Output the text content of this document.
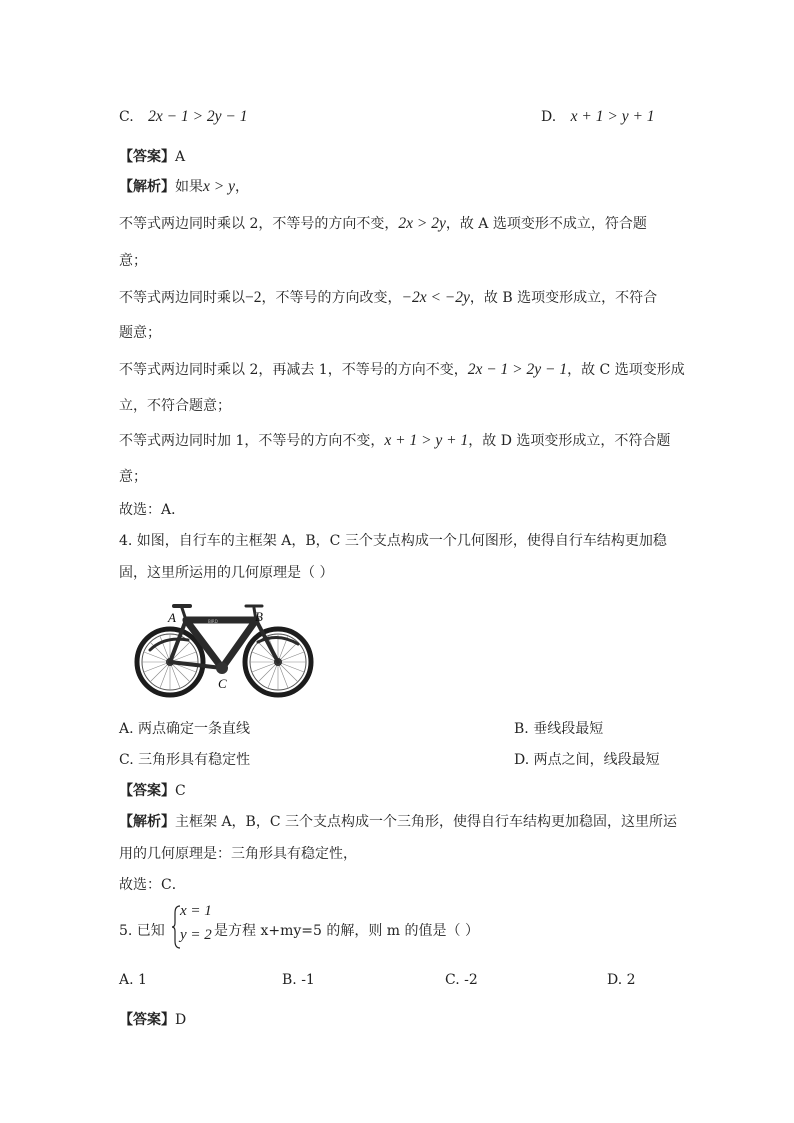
C. 2x − 1 > 2y − 1	D. x + 1 > y + 1
【答案】A
【解析】如果x > y，
不等式两边同时乘以 2，不等号的方向不变，2x > 2y，故 A 选项变形不成立，符合题
意；
不等式两边同时乘以−2，不等号的方向改变，−2x < −2y，故 B 选项变形成立，不符合
题意；
不等式两边同时乘以 2，再减去 1，不等号的方向不变，2x − 1 > 2y − 1，故 C 选项变形成
立，不符合题意；
不等式两边同时加 1，不等号的方向不变，x + 1 > y + 1，故 D 选项变形成立，不符合题
意；
故选：A．
4. 如图，自行车的主框架 A，B，C 三个支点构成一个几何图形，使得自行车结构更加稳
固，这里所运用的几何原理是（ ）
BIRD
A	B
C
A. 两点确定一条直线	B. 垂线段最短
C. 三角形具有稳定性	D. 两点之间，线段最短
【答案】C
【解析】主框架 A，B，C 三个支点构成一个三角形，使得自行车结构更加稳固，这里所运
用的几何原理是：三角形具有稳定性，
故选：C．
5. 已知
x = 1
y = 2 是方程 x+my=5 的解，则 m 的值是（ ）
A. 1	B. -1	C. -2	D. 2
【答案】D
